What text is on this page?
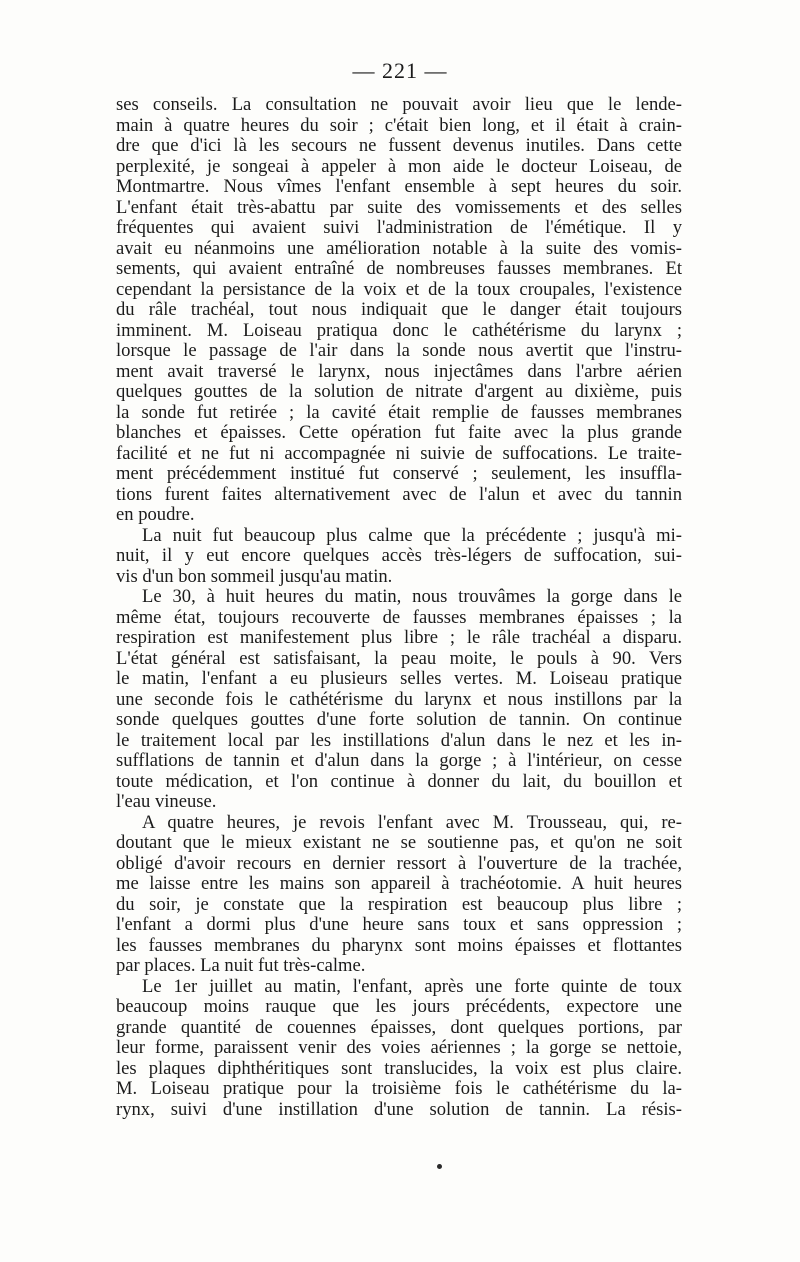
— 221 —
ses conseils. La consultation ne pouvait avoir lieu que le lende-
main à quatre heures du soir ; c'était bien long, et il était à crain-
dre que d'ici là les secours ne fussent devenus inutiles. Dans cette
perplexité, je songeai à appeler à mon aide le docteur Loiseau, de
Montmartre. Nous vîmes l'enfant ensemble à sept heures du soir.
L'enfant était très-abattu par suite des vomissements et des selles
fréquentes qui avaient suivi l'administration de l'émétique. Il y
avait eu néanmoins une amélioration notable à la suite des vomis-
sements, qui avaient entraîné de nombreuses fausses membranes. Et
cependant la persistance de la voix et de la toux croupales, l'existence
du râle trachéal, tout nous indiquait que le danger était toujours
imminent. M. Loiseau pratiqua donc le cathétérisme du larynx ;
lorsque le passage de l'air dans la sonde nous avertit que l'instru-
ment avait traversé le larynx, nous injectâmes dans l'arbre aérien
quelques gouttes de la solution de nitrate d'argent au dixième, puis
la sonde fut retirée ; la cavité était remplie de fausses membranes
blanches et épaisses. Cette opération fut faite avec la plus grande
facilité et ne fut ni accompagnée ni suivie de suffocations. Le traite-
ment précédemment institué fut conservé ; seulement, les insuffla-
tions furent faites alternativement avec de l'alun et avec du tannin
en poudre.
La nuit fut beaucoup plus calme que la précédente ; jusqu'à mi-
nuit, il y eut encore quelques accès très-légers de suffocation, sui-
vis d'un bon sommeil jusqu'au matin.
Le 30, à huit heures du matin, nous trouvâmes la gorge dans le
même état, toujours recouverte de fausses membranes épaisses ; la
respiration est manifestement plus libre ; le râle trachéal a disparu.
L'état général est satisfaisant, la peau moite, le pouls à 90. Vers
le matin, l'enfant a eu plusieurs selles vertes. M. Loiseau pratique
une seconde fois le cathétérisme du larynx et nous instillons par la
sonde quelques gouttes d'une forte solution de tannin. On continue
le traitement local par les instillations d'alun dans le nez et les in-
sufflations de tannin et d'alun dans la gorge ; à l'intérieur, on cesse
toute médication, et l'on continue à donner du lait, du bouillon et
l'eau vineuse.
A quatre heures, je revois l'enfant avec M. Trousseau, qui, re-
doutant que le mieux existant ne se soutienne pas, et qu'on ne soit
obligé d'avoir recours en dernier ressort à l'ouverture de la trachée,
me laisse entre les mains son appareil à trachéotomie. A huit heures
du soir, je constate que la respiration est beaucoup plus libre ;
l'enfant a dormi plus d'une heure sans toux et sans oppression ;
les fausses membranes du pharynx sont moins épaisses et flottantes
par places. La nuit fut très-calme.
Le 1er juillet au matin, l'enfant, après une forte quinte de toux
beaucoup moins rauque que les jours précédents, expectore une
grande quantité de couennes épaisses, dont quelques portions, par
leur forme, paraissent venir des voies aériennes ; la gorge se nettoie,
les plaques diphthéritiques sont translucides, la voix est plus claire.
M. Loiseau pratique pour la troisième fois le cathétérisme du la-
rynx, suivi d'une instillation d'une solution de tannin. La résis-
